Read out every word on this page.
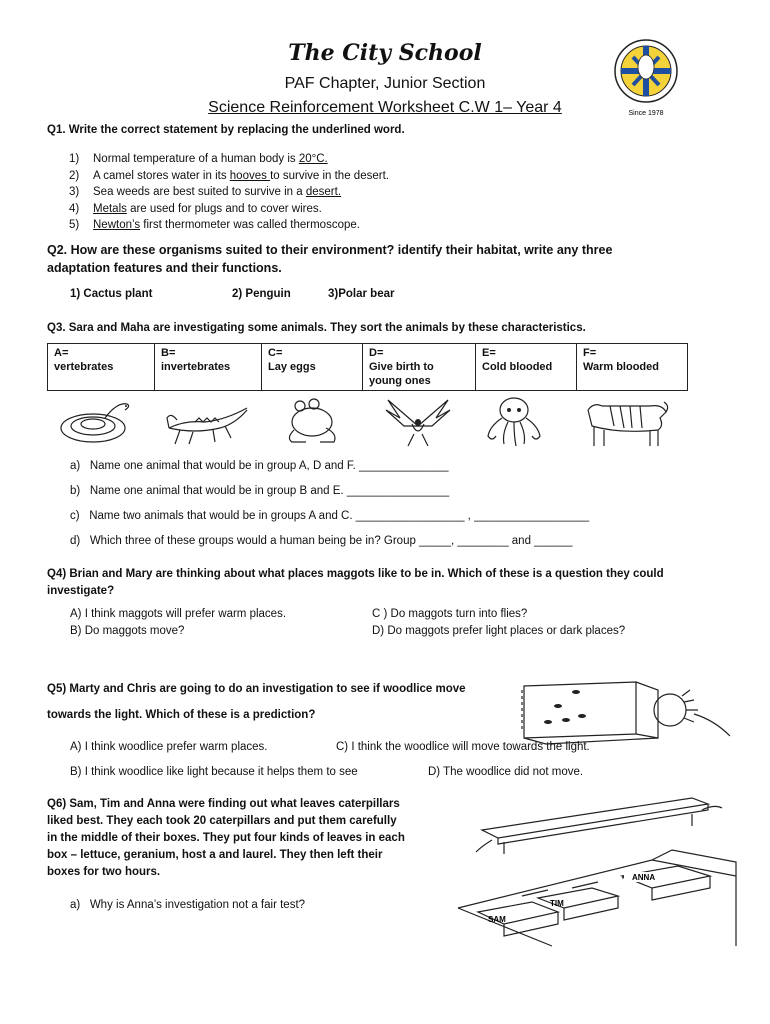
The City School
PAF Chapter, Junior Section
Science Reinforcement Worksheet C.W 1– Year 4	Since 1978
Q1. Write the correct statement by replacing the underlined word.
1) Normal temperature of a human body is 20°C.
2) A camel stores water in its hooves to survive in the desert.
3) Sea weeds are best suited to survive in a desert.
4) Metals are used for plugs and to cover wires.
5) Newton’s first thermometer was called thermoscope.
Q2. How are these organisms suited to their environment? identify their habitat, write any three
adaptation features and their functions.
1) Cactus plant	2) Penguin	3)Polar bear
Q3. Sara and Maha are investigating some animals. They sort the animals by these characteristics.
A=
vertebrates

B=
invertebrates

C=
Lay eggs

D=
Give birth to young ones

E=
Cold blooded

F=
Warm blooded
a) Name one animal that would be in group A, D and F. ______________
b) Name one animal that would be in group B and E. ________________
c) Name two animals that would be in groups A and C. _________________ , __________________
d) Which three of these groups would a human being be in? Group _____, ________ and ______
Q4) Brian and Mary are thinking about what places maggots like to be in. Which of these is a question they could
investigate?
A) I think maggots will prefer warm places.
B) Do maggots move?
C ) Do maggots turn into flies?
D) Do maggots prefer light places or dark places?
Q5) Marty and Chris are going to do an investigation to see if woodlice move
towards the light. Which of these is a prediction?
A) I think woodlice prefer warm places.	C) I think the woodlice will move towards the light.
B) I think woodlice like light because it helps them to see	D) The woodlice did not move.
Q6) Sam, Tim and Anna were finding out what leaves caterpillars
liked best. They each took 20 caterpillars and put them carefully
in the middle of their boxes. They put four kinds of leaves in each
box – lettuce, geranium, host a and laurel. They then left their
boxes for two hours.
a) Why is Anna’s investigation not a fair test?
ANNA
TIM
SAM
